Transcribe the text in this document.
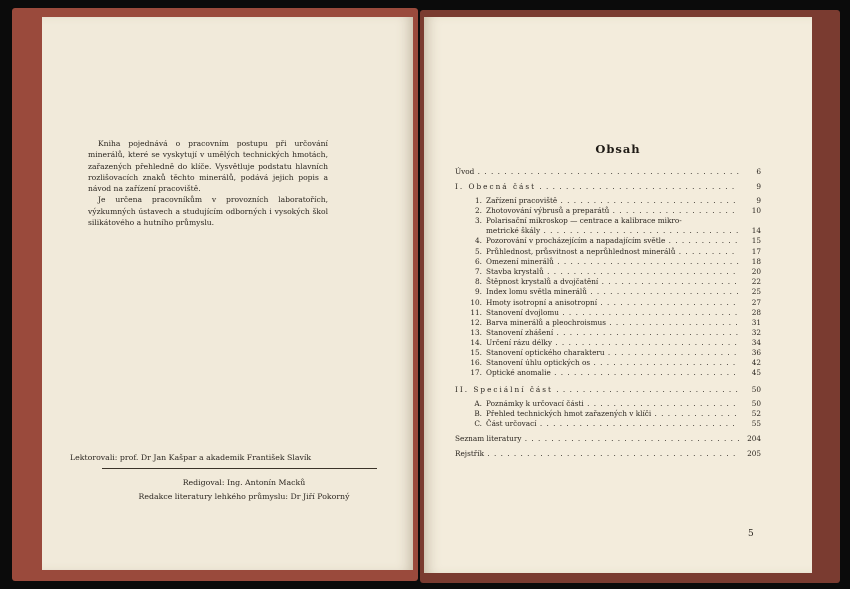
Kniha pojednává o pracovním postupu při určování minerálů, které se vyskytují v umělých technických hmotách, zařazených přehledně do klíče. Vysvětluje podstatu hlavních rozlišovacích znaků těchto minerálů, podává jejich popis a návod na zařízení pracoviště.

Je určena pracovníkům v provozních laboratořích, výzkumných ústavech a studujícím odborných i vysokých škol silikátového a hutního průmyslu.

Lektorovali: prof. Dr Jan Kašpar a akademik František Slavík
Redigoval: Ing. Antonín Macků
Redakce literatury lehkého průmyslu: Dr Jiří Pokorný
Obsah
Úvod . . .	6
I. Obecná část . . .	9
1. Zařízení pracoviště . . .	9
2. Zhotovování výbrusů a preparátů . . .	10
3. Polarisační mikroskop — centrace a kalibrace mikro-
metrické škály . . .	14
4. Pozorování v procházejícím a napadajícím světle . . .	15
5. Průhlednost, průsvitnost a neprůhlednost minerálů . . .	17
6. Omezení minerálů . . .	18
7. Stavba krystalů . . .	20
8. Štěpnost krystalů a dvojčatění . . .	22
9. Index lomu světla minerálů . . .	25
10. Hmoty isotropní a anisotropní . . .	27
11. Stanovení dvojlomu . . .	28
12. Barva minerálů a pleochroismus . . .	31
13. Stanovení zhášení . . .	32
14. Určení rázu délky . . .	34
15. Stanovení optického charakteru . . .	36
16. Stanovení úhlu optických os . . .	42
17. Optické anomalie . . .	45
II. Speciální část . . .	50
A. Poznámky k určovací části . . .	50
B. Přehled technických hmot zařazených v klíči . . .	52
C. Část určovací . . .	55
Seznam literatury . . .	204
Rejstřík . . .	205
5
